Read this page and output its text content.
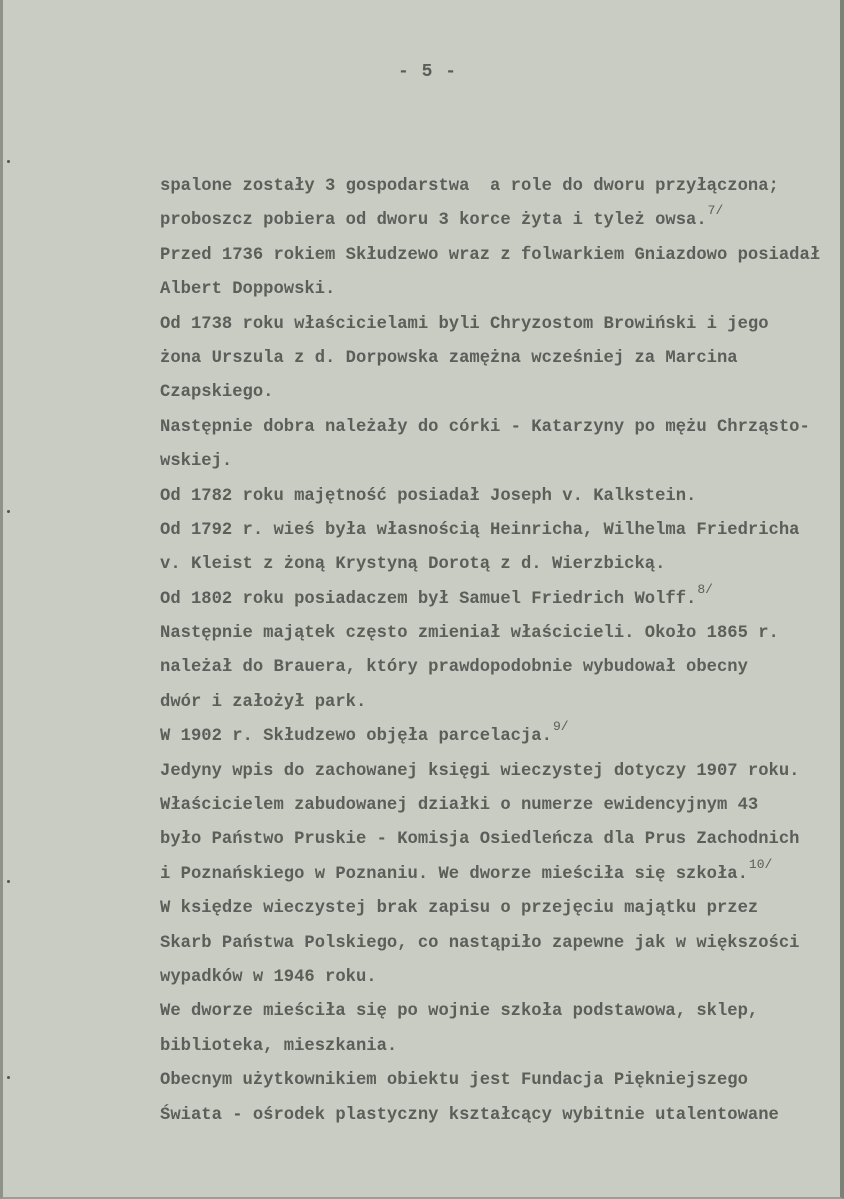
- 5 -
spalone zostały 3 gospodarstwa  a role do dworu przyłączona;
proboszcz pobiera od dworu 3 korce żyta i tyleż owsa.$^{7/}$
Przed 1736 rokiem Skłudzewo wraz z folwarkiem Gniazdowo posiadał
Albert Doppowski.
Od 1738 roku właścicielami byli Chryzostom Browiński i jego
żona Urszula z d. Dorpowska zamężna wcześniej za Marcina
Czapskiego.
Następnie dobra należały do córki - Katarzyny po mężu Chrząsto-
wskiej.
Od 1782 roku majętność posiadał Joseph v. Kalkstein.
Od 1792 r. wieś była własnością Heinricha, Wilhelma Friedricha
v. Kleist z żoną Krystyną Dorotą z d. Wierzbicką.
Od 1802 roku posiadaczem był Samuel Friedrich Wolff.$^{8/}$
Następnie majątek często zmieniał właścicieli. Około 1865 r.
należał do Brauera, który prawdopodobnie wybudował obecny
dwór i założył park.
W 1902 r. Skłudzewo objęła parcelacja.$^{9/}$
Jedyny wpis do zachowanej księgi wieczystej dotyczy 1907 roku.
Właścicielem zabudowanej działki o numerze ewidencyjnym 43
było Państwo Pruskie - Komisja Osiedleńcza dla Prus Zachodnich
i Poznańskiego w Poznaniu. We dworze mieściła się szkoła.$^{10/}$
W księdze wieczystej brak zapisu o przejęciu majątku przez
Skarb Państwa Polskiego, co nastąpiło zapewne jak w większości
wypadków w 1946 roku.
We dworze mieściła się po wojnie szkoła podstawowa, sklep,
biblioteka, mieszkania.
Obecnym użytkownikiem obiektu jest Fundacja Piękniejszego
Świata - ośrodek plastyczny kształcący wybitnie utalentowane
